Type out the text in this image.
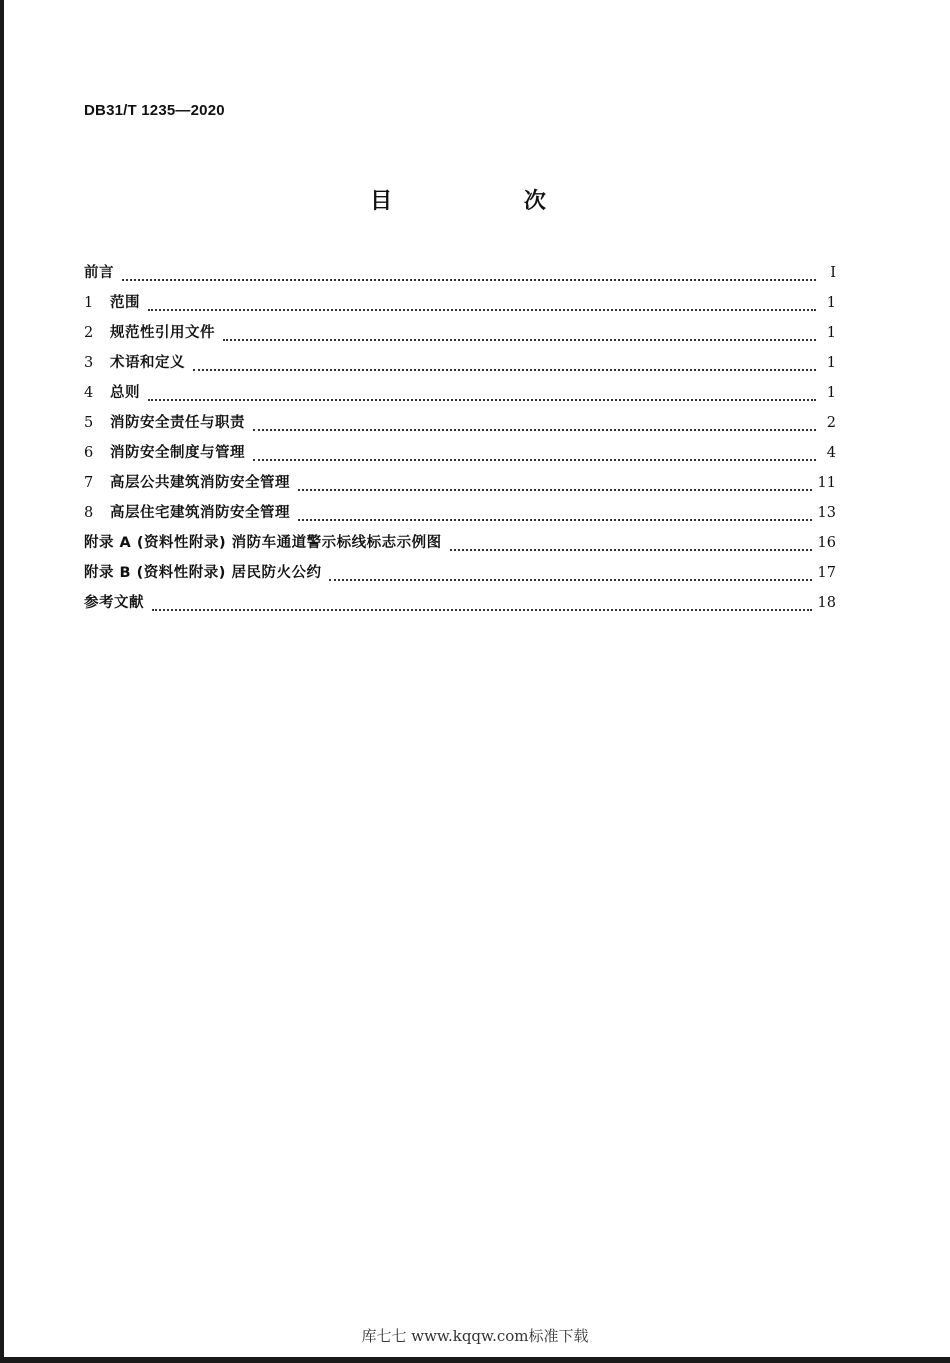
DB31/T 1235—2020
目 次
前言	I
1	范围	1
2	规范性引用文件	1
3	术语和定义	1
4	总则	1
5	消防安全责任与职责	2
6	消防安全制度与管理	4
7	高层公共建筑消防安全管理	11
8	高层住宅建筑消防安全管理	13
附录 A (资料性附录) 消防车通道警示标线标志示例图	16
附录 B (资料性附录) 居民防火公约	17
参考文献	18
库七七 www.kqqw.com标准下载
